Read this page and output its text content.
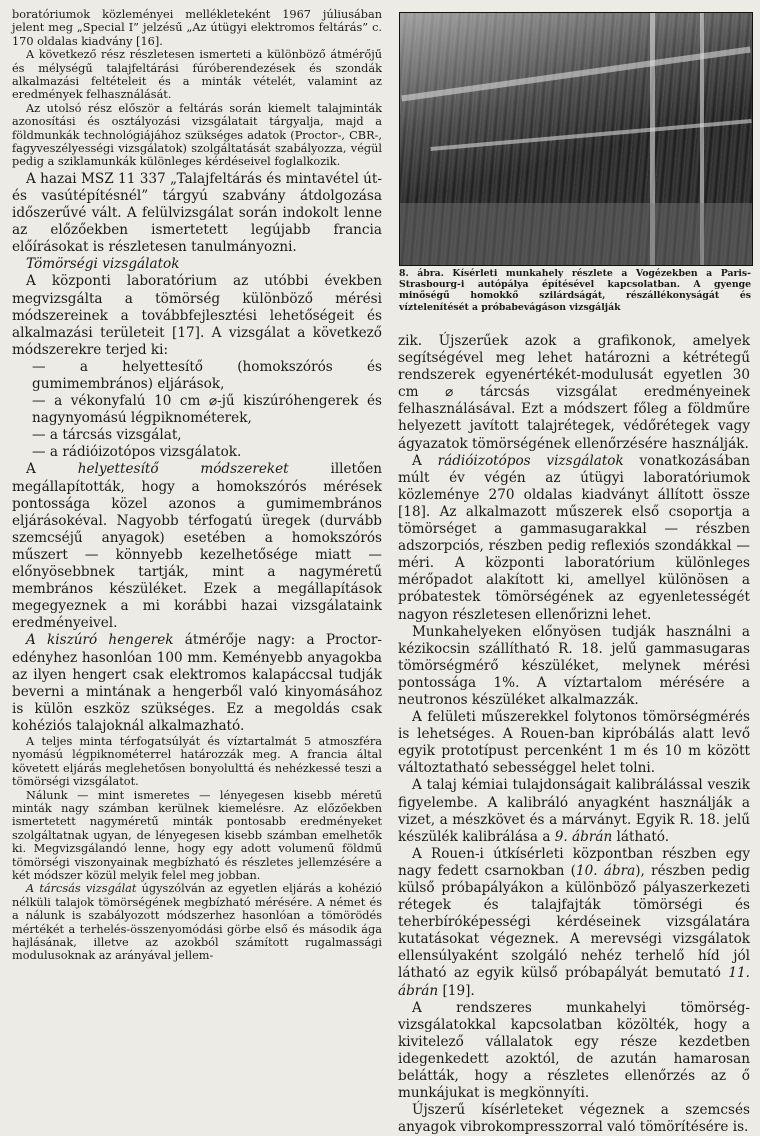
boratóriumok közleményei mellékleteként 1967 júliusában jelent meg „Special I” jelzésű „Az útügyi elektromos feltárás” c. 170 oldalas kiadvány [16].

A következő rész részletesen ismerteti a különböző átmérőjű és mélységű talajfeltárási fúróberendezések és szondák alkalmazási feltételeit és a minták vételét, valamint az eredmények felhasználását.

Az utolsó rész először a feltárás során kiemelt talajminták azonosítási és osztályozási vizsgálatait tárgyalja, majd a földmunkák technológiájához szükséges adatok (Proctor-, CBR-, fagyveszélyességi vizsgálatok) szolgáltatását szabályozza, végül pedig a sziklamunkák különleges kérdéseivel foglalkozik.

A hazai MSZ 11 337 „Talajfeltárás és mintavétel út- és vasútépítésnél” tárgyú szabvány átdolgozása időszerűvé vált. A felülvizsgálat során indokolt lenne az előzőekben ismertetett legújabb francia előírásokat is részletesen tanulmányozni.

Tömörségi vizsgálatok

A központi laboratórium az utóbbi években megvizsgálta a tömörség különböző mérési módszereinek a továbbfejlesztési lehetőségeit és alkalmazási területeit [17]. A vizsgálat a következő módszerekre terjed ki:

— a helyettesítő (homokszórós és gumimembrános) eljárások,

— a vékonyfalú 10 cm ⌀-jű kiszúróhengerek és nagynyomású légpiknométerek,

— a tárcsás vizsgálat,

— a rádióizotópos vizsgálatok.

A helyettesítő módszereket illetően megállapították, hogy a homokszórós mérések pontossága közel azonos a gumimembrános eljárásokéval. Nagyobb térfogatú üregek (durvább szemcséjű anyagok) esetében a homokszórós műszert — könnyebb kezelhetősége miatt — előnyösebbnek tartják, mint a nagyméretű membrános készüléket. Ezek a megállapítások megegyeznek a mi korábbi hazai vizsgálataink eredményeivel.

A kiszúró hengerek átmérője nagy: a Proctor-edényhez hasonlóan 100 mm. Keményebb anyagokba az ilyen hengert csak elektromos kalapáccsal tudják beverni a mintának a hengerből való kinyomásához is külön eszköz szükséges. Ez a megoldás csak kohéziós talajoknál alkalmazható.

A teljes minta térfogatsúlyát és víztartalmát 5 atmoszféra nyomású légpiknométerrel határozzák meg. A francia által követett eljárás meglehetősen bonyolulttá és nehézkessé teszi a tömörségi vizsgálatot.

Nálunk — mint ismeretes — lényegesen kisebb méretű minták nagy számban kerülnek kiemelésre. Az előzőekben ismertetett nagyméretű minták pontosabb eredményeket szolgáltatnak ugyan, de lényegesen kisebb számban emelhetők ki. Megvizsgálandó lenne, hogy egy adott volumenű földmű tömörségi viszonyainak megbízható és részletes jellemzésére a két módszer közül melyik felel meg jobban.

A tárcsás vizsgálat úgyszólván az egyetlen eljárás a kohézió nélküli talajok tömörségének megbízható mérésére. A német és a nálunk is szabályozott módszerhez hasonlóan a tömörödés mértékét a terhelés-összenyomódási görbe első és második ága hajlásának, illetve az azokból számított rugalmassági modulusoknak az arányával jellem-

8. ábra. Kísérleti munkahely részlete a Vogézekben a Paris-Strasbourg-i autópálya építésével kapcsolatban. A gyenge minőségű homokkő szilárdságát, részállékonyságát és víztelenítését a próbabevágáson vizsgálják

zik. Újszerűek azok a grafikonok, amelyek segítségével meg lehet határozni a kétrétegű rendszerek egyenértékét-modulusát egyetlen 30 cm ⌀ tárcsás vizsgálat eredményeinek felhasználásával. Ezt a módszert főleg a földműre helyezett javított talajrétegek, védőrétegek vagy ágyazatok tömörségének ellenőrzésére használják.

A rádióizotópos vizsgálatok vonatkozásában múlt év végén az útügyi laboratóriumok közleménye 270 oldalas kiadványt állított össze [18]. Az alkalmazott műszerek első csoportja a tömörséget a gammasugarakkal — részben adszorpciós, részben pedig reflexiós szondákkal — méri. A központi laboratórium különleges mérőpadot alakított ki, amellyel különösen a próbatestek tömörségének az egyenletességét nagyon részletesen ellenőrizni lehet.

Munkahelyeken előnyösen tudják használni a kézikocsin szállítható R. 18. jelű gammasugaras tömörségmérő készüléket, melynek mérési pontossága 1%. A víztartalom mérésére a neutronos készüléket alkalmazzák.

A felületi műszerekkel folytonos tömörségmérés is lehetséges. A Rouen-ban kipróbálás alatt levő egyik prototípust percenként 1 m és 10 m között változtatható sebességgel helet tolni.

A talaj kémiai tulajdonságait kalibrálással veszik figyelembe. A kalibráló anyagként használják a vizet, a mészkövet és a márványt. Egyik R. 18. jelű készülék kalibrálása a 9. ábrán látható.

A Rouen-i útkísérleti központban részben egy nagy fedett csarnokban (10. ábra), részben pedig külső próbapályákon a különböző pályaszerkezeti rétegek és talajfajták tömörségi és teherbíróképességi kérdéseinek vizsgálatára kutatásokat végeznek. A merevségi vizsgálatok ellensúlyaként szolgáló nehéz terhelő híd jól látható az egyik külső próbapályát bemutató 11. ábrán [19].

A rendszeres munkahelyi tömörség-vizsgálatokkal kapcsolatban közölték, hogy a kivitelező vállalatok egy része kezdetben idegenkedett azoktól, de azután hamarosan belátták, hogy a részletes ellenőrzés az ő munkájukat is megkönnyíti.

Újszerű kísérleteket végeznek a szemcsés anyagok vibrokompresszorral való tömörítésére is.
